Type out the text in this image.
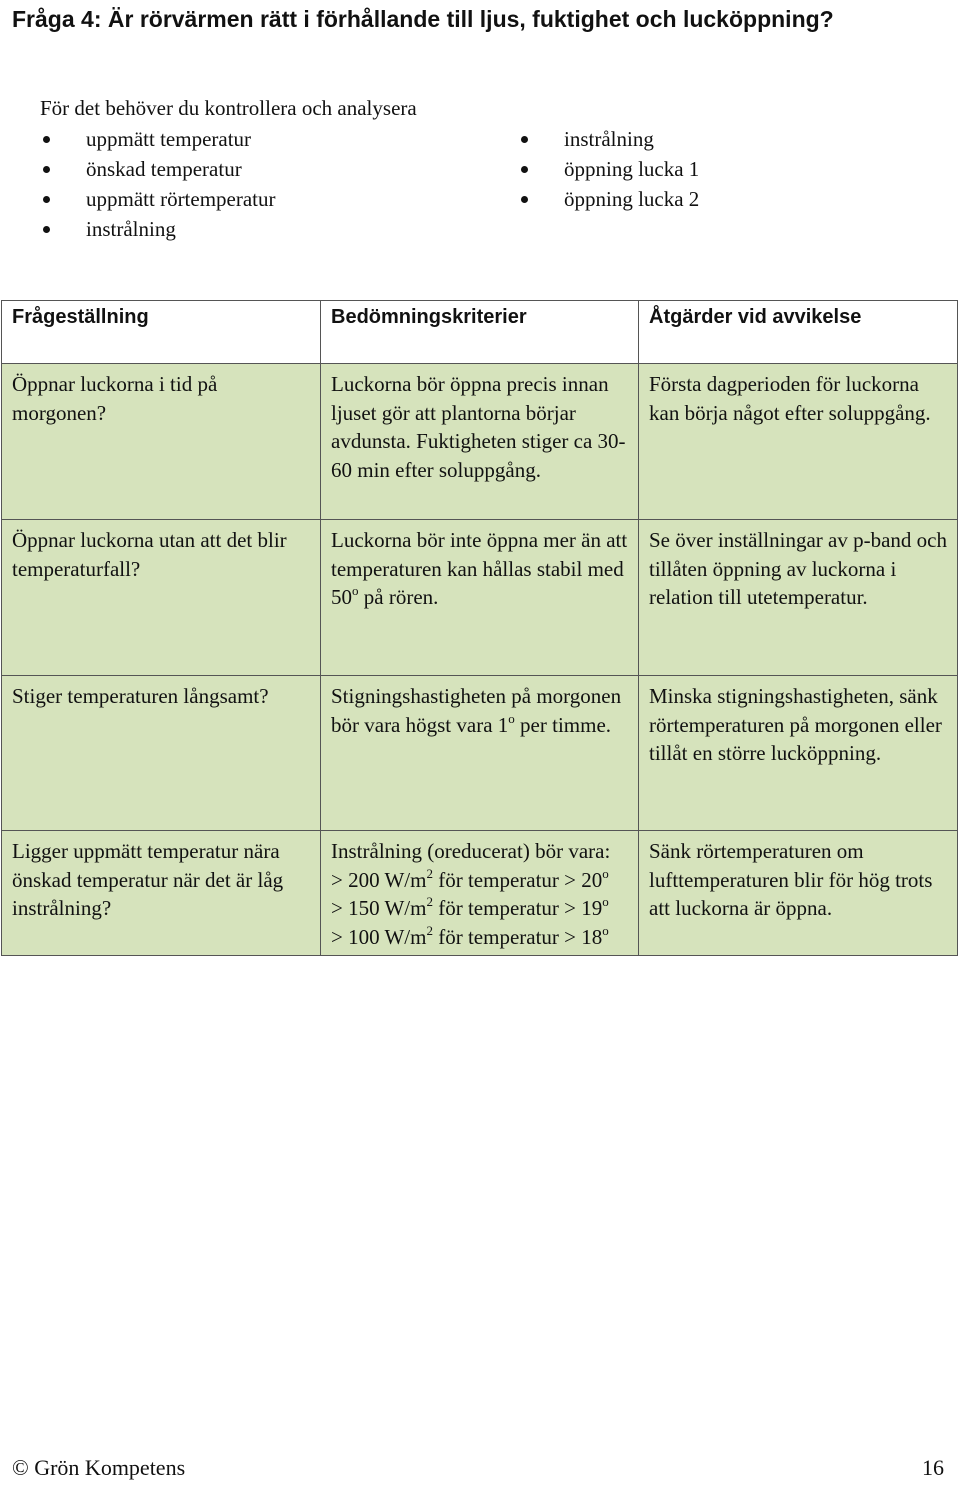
Fråga 4: Är rörvärmen rätt i förhållande till ljus, fuktighet och lucköppning?

För det behöver du kontrollera och analysera

uppmätt temperatur
önskad temperatur
uppmätt rörtemperatur
instrålning
instrålning
öppning lucka 1
öppning lucka 2
Frågeställning	Bedömningskriterier	Åtgärder vid avvikelse
Öppnar luckorna i tid på morgonen?	Luckorna bör öppna precis innan ljuset gör att plantorna börjar avdunsta. Fuktigheten stiger ca 30-60 min efter soluppgång.	Första dagperioden för luckorna kan börja något efter soluppgång.
Öppnar luckorna utan att det blir temperaturfall?	Luckorna bör inte öppna mer än att temperaturen kan hållas stabil med 50$^o$ på rören.	Se över inställningar av p-band och tillåten öppning av luckorna i relation till utetemperatur.
Stiger temperaturen långsamt?	Stigningshastigheten på morgonen bör vara högst vara 1$^o$ per timme.	Minska stigningshastigheten, sänk rörtemperaturen på morgonen eller tillåt en större lucköppning.
Ligger uppmätt temperatur nära önskad temperatur när det är låg instrålning?	Instrålning (oreducerat) bör vara:
> 200 $W/m^2$ för temperatur > $20^o$
> 150 $W/m^2$ för temperatur > $19^o$
> 100 $W/m^2$ för temperatur > $18^o$	Sänk rörtemperaturen om lufttemperaturen blir för hög trots att luckorna är öppna.

© Grön Kompetens	16
